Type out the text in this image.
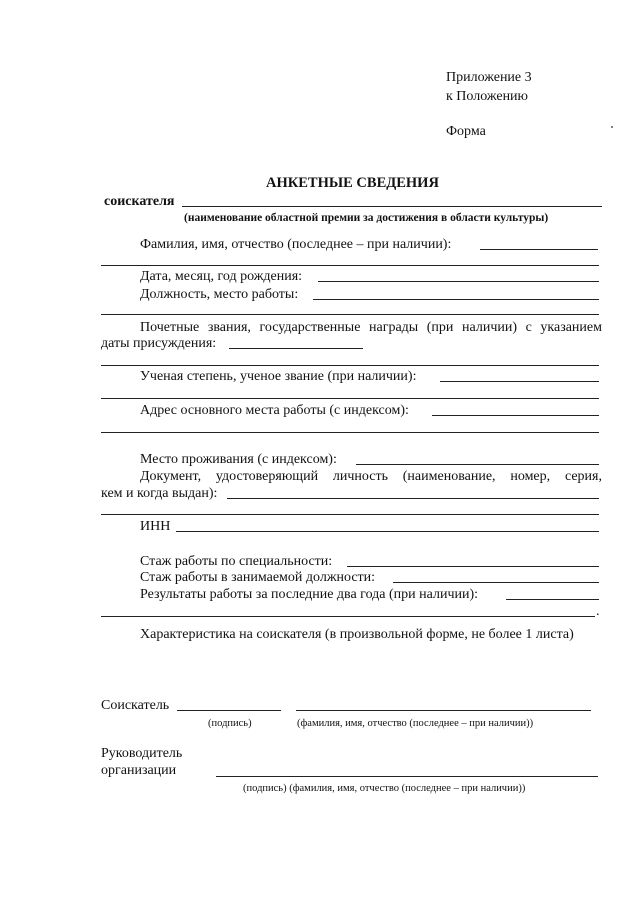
Приложение 3
к Положению
Форма
АНКЕТНЫЕ СВЕДЕНИЯ
соискателя
(наименование областной премии за достижения в области культуры)
Фамилия, имя, отчество (последнее – при наличии):
Дата, месяц, год рождения:
Должность, место работы:
Почетные звания, государственные награды (при наличии) с указанием
даты присуждения:
Ученая степень, ученое звание (при наличии):
Адрес основного места работы (с индексом):
Место проживания (с индексом):
Документ, удостоверяющий личность (наименование, номер, серия,
кем и когда выдан):
ИНН
Стаж работы по специальности:
Стаж работы в занимаемой должности:
Результаты работы за последние два года (при наличии):
.
Характеристика на соискателя (в произвольной форме, не более 1 листа)
Соискатель
(подпись)	(фамилия, имя, отчество (последнее – при наличии))
Руководитель
организации
(подпись) (фамилия, имя, отчество (последнее – при наличии))
